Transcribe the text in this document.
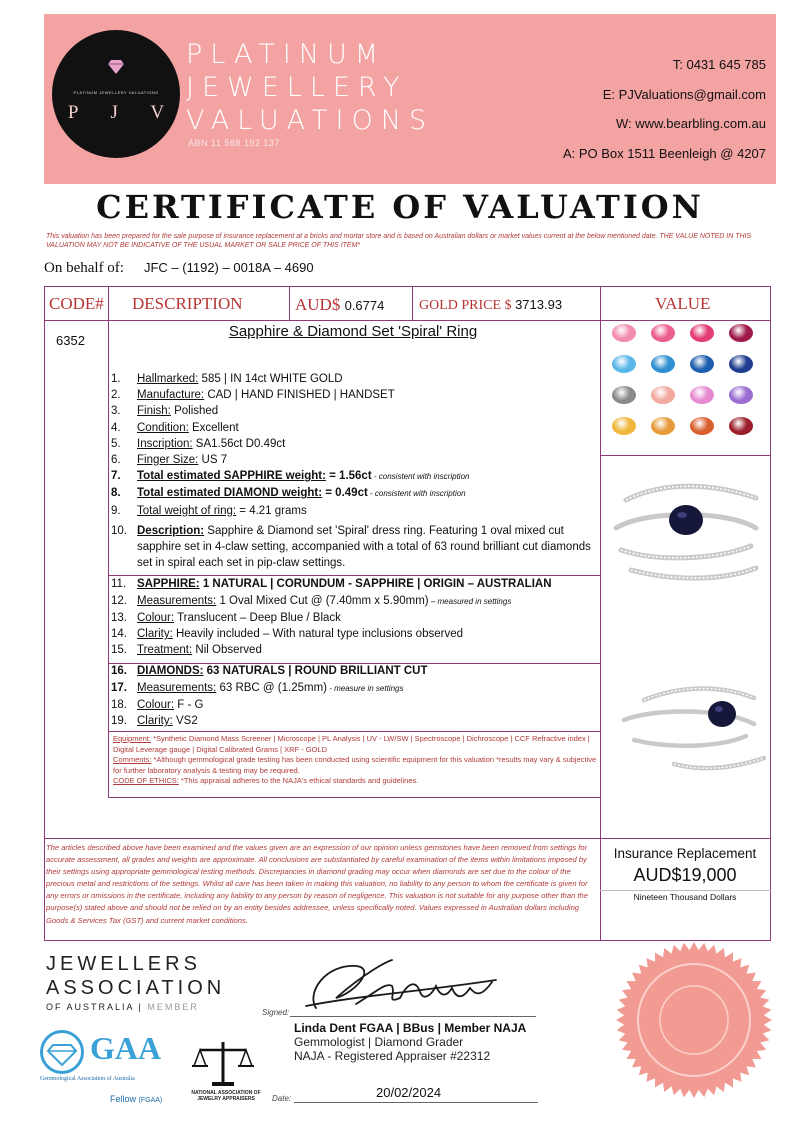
PLATINUM JEWELLERY VALUATIONS
P J V
PLATINUM
JEWELLERY
VALUATIONS
ABN 11 588 192 137
T: 0431 645 785
E: PJValuations@gmail.com
W: www.bearbling.com.au
A: PO Box 1511 Beenleigh @ 4207
CERTIFICATE OF VALUATION
This valuation has been prepared for the sale purpose of insurance replacement at a bricks and mortar store and is based on Australian dollars or market values current at the below mentioned date. THE VALUE NOTED IN THIS VALUATION MAY NOT BE INDICATIVE OF THE USUAL MARKET OR SALE PRICE OF THIS ITEM*
On behalf of: JFC – (1192) – 0018A – 4690
CODE# DESCRIPTION	AUD$ 0.6774 GOLD PRICE $ 3713.93	VALUE
6352
Sapphire & Diamond Set 'Spiral' Ring
1. Hallmarked: 585 | IN 14ct WHITE GOLD
2. Manufacture: CAD | HAND FINISHED | HANDSET
3. Finish: Polished
4. Condition: Excellent
5. Inscription: SA1.56ct D0.49ct
6. Finger Size: US 7
7. Total estimated SAPPHIRE weight: = 1.56ct - consistent with inscription
8. Total estimated DIAMOND weight: = 0.49ct - consistent with inscription
9. Total weight of ring: = 4.21 grams
10. Description: Sapphire & Diamond set 'Spiral' dress ring. Featuring 1 oval mixed cut sapphire set in 4-claw setting, accompanied with a total of 63 round brilliant cut diamonds set in spiral each set in pip-claw settings.
11. SAPPHIRE: 1 NATURAL | CORUNDUM - SAPPHIRE | ORIGIN – AUSTRALIAN
12. Measurements: 1 Oval Mixed Cut @ (7.40mm x 5.90mm) – measured in settings
13. Colour: Translucent – Deep Blue / Black
14. Clarity: Heavily included – With natural type inclusions observed
15. Treatment: Nil Observed
16. DIAMONDS: 63 NATURALS | ROUND BRILLIANT CUT
17. Measurements: 63 RBC @ (1.25mm) - measure in settings
18. Colour: F - G
19. Clarity: VS2
Equipment: *Synthetic Diamond Mass Screener | Microscope | PL Analysis | UV - LW/SW | Spectroscope | Dichroscope | CCF Refractive index | Digital Leverage gauge | Digital Calibrated Grams | XRF - GOLD
Comments: *Although gemmological grade testing has been conducted using scientific equipment for this valuation *results may vary & subjective for further laboratory analysis & testing may be required.
CODE OF ETHICS: *This appraisal adheres to the NAJA's ethical standards and guidelines.
The articles described above have been examined and the values given are an expression of our opinion unless gemstones have been removed from settings for accurate assessment, all grades and weights are approximate. All conclusions are substantiated by careful examination of the items within limitations imposed by their settings using appropriate gemmological testing methods. Discrepancies in diamond grading may occur when diamonds are set due to the colour of the precious metal and restrictions of the settings. Whilst all care has been taken in making this valuation, no liability to any person to whom the certificate is given for any errors or omissions in the certificate, including any liability to any person by reason of negligence. This valuation is not suitable for any purpose other than the purpose(s) stated above and should not be relied on by an entity besides addressee, unless specifically noted. Values expressed in Australian dollars including Goods & Services Tax (GST) and current market conditions.
Insurance Replacement
AUD$19,000
Nineteen Thousand Dollars
JEWELLERS
ASSOCIATION
OF AUSTRALIA | MEMBER
GAA
Gemmological Association of Australia
Fellow (FGAA)
NATIONAL ASSOCIATION OF JEWELRY APPRAISERS
Signed:
Linda Dent FGAA | BBus | Member NAJA
Gemmologist | Diamond Grader
NAJA - Registered Appraiser #22312
Date:	20/02/2024
